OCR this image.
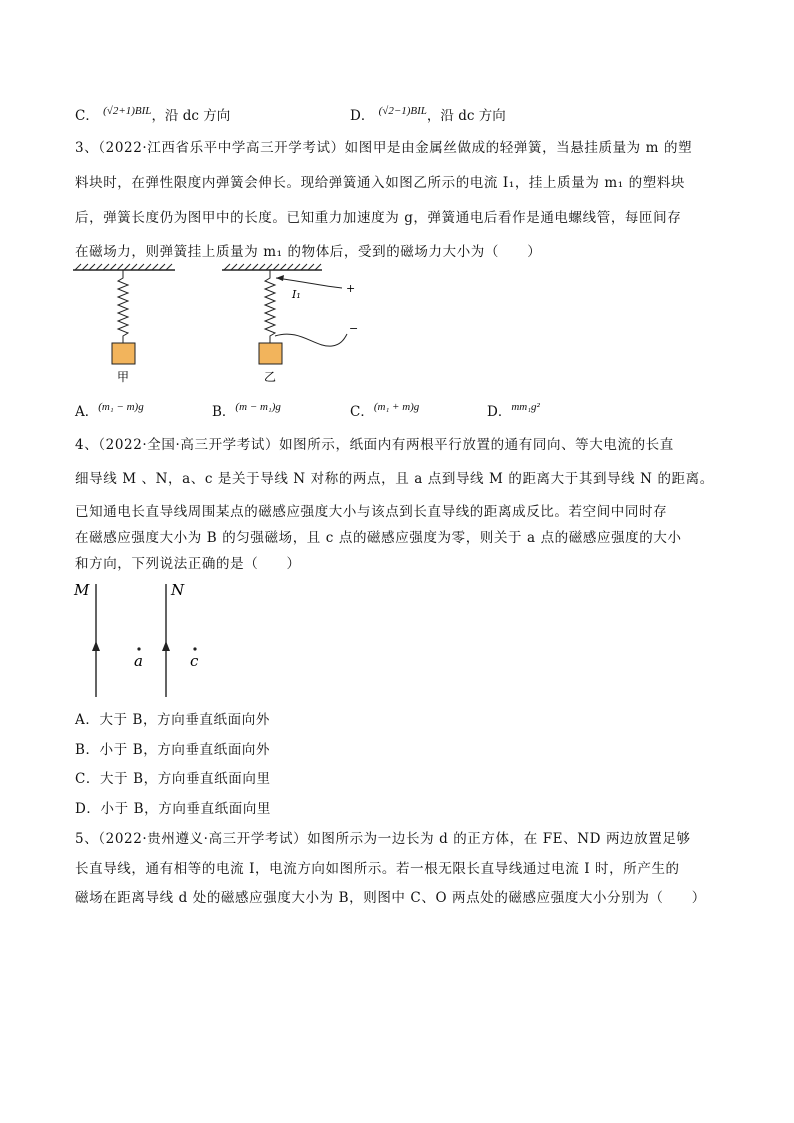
C． $^{(√2+1)BIL}$，沿 dc 方向	D． $^{(√2-1)BIL}$，沿 dc 方向
3、（2022·江西省乐平中学高三开学考试）如图甲是由金属丝做成的轻弹簧，当悬挂质量为 m 的塑
料块时，在弹性限度内弹簧会伸长。现给弹簧通入如图乙所示的电流 I₁，挂上质量为 m₁ 的塑料块
后，弹簧长度仍为图甲中的长度。已知重力加速度为 g，弹簧通电后看作是通电螺线管，每匝间存
在磁场力，则弹簧挂上质量为 m₁ 的物体后，受到的磁场力大小为（　　）
甲	乙
I₁	+
−
A．$^{(m_1 - m)g}$	B．$^{(m - m_1)g}$	C．$^{(m_1 + m)g}$	D．$^{mm_1g^2}$
4、（2022·全国·高三开学考试）如图所示，纸面内有两根平行放置的通有同向、等大电流的长直
细导线 M 、N，a、c 是关于导线 N 对称的两点，且 a 点到导线 M 的距离大于其到导线 N 的距离。
已知通电长直导线周围某点的磁感应强度大小与该点到长直导线的距离成反比。若空间中同时存
在磁感应强度大小为 B 的匀强磁场，且 c 点的磁感应强度为零，则关于 a 点的磁感应强度的大小
和方向，下列说法正确的是（　　）
M	N
a	c
A．大于 B，方向垂直纸面向外
B．小于 B，方向垂直纸面向外
C．大于 B，方向垂直纸面向里
D．小于 B，方向垂直纸面向里
5、（2022·贵州遵义·高三开学考试）如图所示为一边长为 d 的正方体，在 FE、ND 两边放置足够
长直导线，通有相等的电流 I，电流方向如图所示。若一根无限长直导线通过电流 I 时，所产生的
磁场在距离导线 d 处的磁感应强度大小为 B，则图中 C、O 两点处的磁感应强度大小分别为（　　）
